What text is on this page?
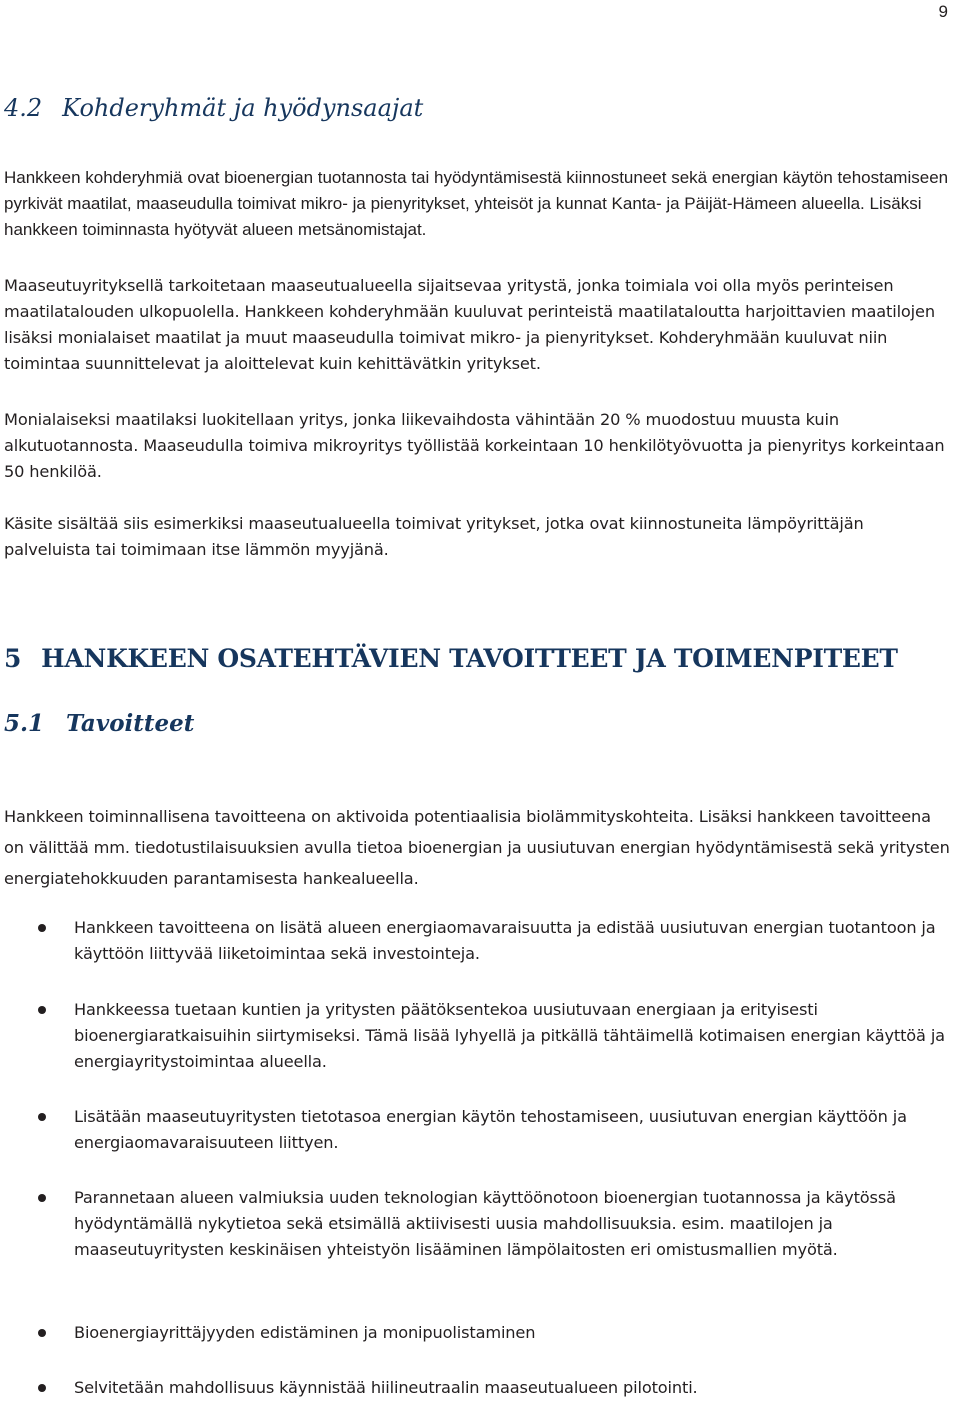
9
4.2 Kohderyhmät ja hyödynsaajat

Hankkeen kohderyhmiä ovat bioenergian tuotannosta tai hyödyntämisestä kiinnostuneet sekä energian käytön tehostamiseen pyrkivät maatilat, maaseudulla toimivat mikro- ja pienyritykset, yhteisöt ja kunnat Kanta- ja Päijät-Hämeen alueella. Lisäksi hankkeen toiminnasta hyötyvät alueen metsänomistajat.

Maaseutuyrityksellä tarkoitetaan maaseutualueella sijaitsevaa yritystä, jonka toimiala voi olla myös perinteisen maatilatalouden ulkopuolella. Hankkeen kohderyhmään kuuluvat perinteistä maatilataloutta harjoittavien maatilojen lisäksi monialaiset maatilat ja muut maaseudulla toimivat mikro- ja pienyritykset. Kohderyhmään kuuluvat niin toimintaa suunnittelevat ja aloittelevat kuin kehittävätkin yritykset.

Monialaiseksi maatilaksi luokitellaan yritys, jonka liikevaihdosta vähintään 20 % muodostuu muusta kuin alkutuotannosta. Maaseudulla toimiva mikroyritys työllistää korkeintaan 10 henkilötyövuotta ja pienyritys korkeintaan 50 henkilöä.

Käsite sisältää siis esimerkiksi maaseutualueella toimivat yritykset, jotka ovat kiinnostuneita lämpöyrittäjän palveluista tai toimimaan itse lämmön myyjänä.

5 HANKKEEN OSATEHTÄVIEN TAVOITTEET JA TOIMENPITEET
5.1 Tavoitteet

Hankkeen toiminnallisena tavoitteena on aktivoida potentiaalisia biolämmityskohteita. Lisäksi hankkeen tavoitteena on välittää mm. tiedotustilaisuuksien avulla tietoa bioenergian ja uusiutuvan energian hyödyntämisestä sekä yritysten energiatehokkuuden parantamisesta hankealueella.

Hankkeen tavoitteena on lisätä alueen energiaomavaraisuutta ja edistää uusiutuvan energian tuotantoon ja käyttöön liittyvää liiketoimintaa sekä investointeja.
Hankkeessa tuetaan kuntien ja yritysten päätöksentekoa uusiutuvaan energiaan ja erityisesti bioenergiaratkaisuihin siirtymiseksi. Tämä lisää lyhyellä ja pitkällä tähtäimellä kotimaisen energian käyttöä ja energiayritystoimintaa alueella.
Lisätään maaseutuyritysten tietotasoa energian käytön tehostamiseen, uusiutuvan energian käyttöön ja energiaomavaraisuuteen liittyen.
Parannetaan alueen valmiuksia uuden teknologian käyttöönotoon bioenergian tuotannossa ja käytössä hyödyntämällä nykytietoa sekä etsimällä aktiivisesti uusia mahdollisuuksia. esim. maatilojen ja maaseutuyritysten keskinäisen yhteistyön lisääminen lämpölaitosten eri omistusmallien myötä.
Bioenergiayrittäjyyden edistäminen ja monipuolistaminen
Selvitetään mahdollisuus käynnistää hiilineutraalin maaseutualueen pilotointi.
